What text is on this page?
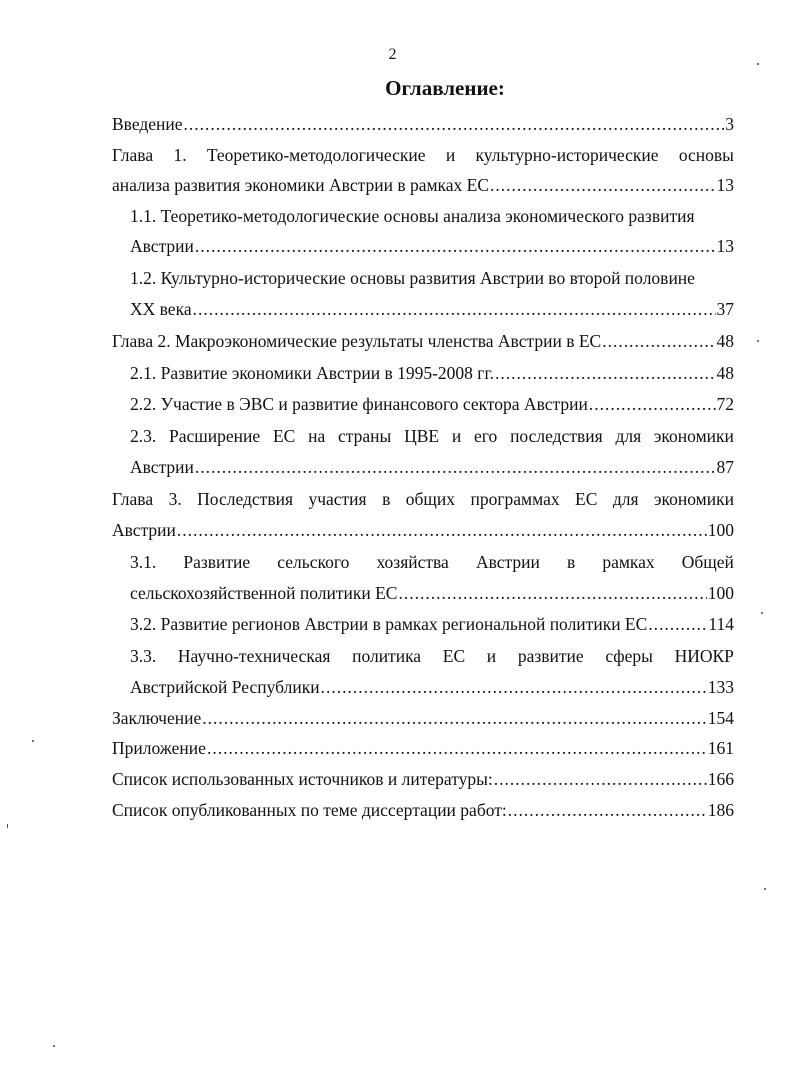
2
Оглавление:
Введение .....	3
Глава 1. Теоретико-методологические и культурно-исторические основы
анализа развития экономики Австрии в рамках ЕС .....	13
1.1. Теоретико-методологические основы анализа экономического развития
Австрии .....	13
1.2. Культурно-исторические основы развития Австрии во второй половине
XX века .....	37
Глава 2. Макроэкономические результаты членства Австрии в ЕС .....	48
2.1. Развитие экономики Австрии в 1995-2008 гг. .....	48
2.2. Участие в ЭВС и развитие финансового сектора Австрии .....	72
2.3. Расширение ЕС на страны ЦВЕ и его последствия для экономики
Австрии .....	87
Глава 3. Последствия участия в общих программах ЕС для экономики
Австрии .....	100
3.1. Развитие сельского хозяйства Австрии в рамках Общей
сельскохозяйственной политики ЕС .....	100
3.2. Развитие регионов Австрии в рамках региональной политики ЕС .....	114
3.3. Научно-техническая политика ЕС и развитие сферы НИОКР
Австрийской Республики .....	133
Заключение .....	154
Приложение .....	161
Список использованных источников и литературы: .....	166
Список опубликованных по теме диссертации работ: .....	186
